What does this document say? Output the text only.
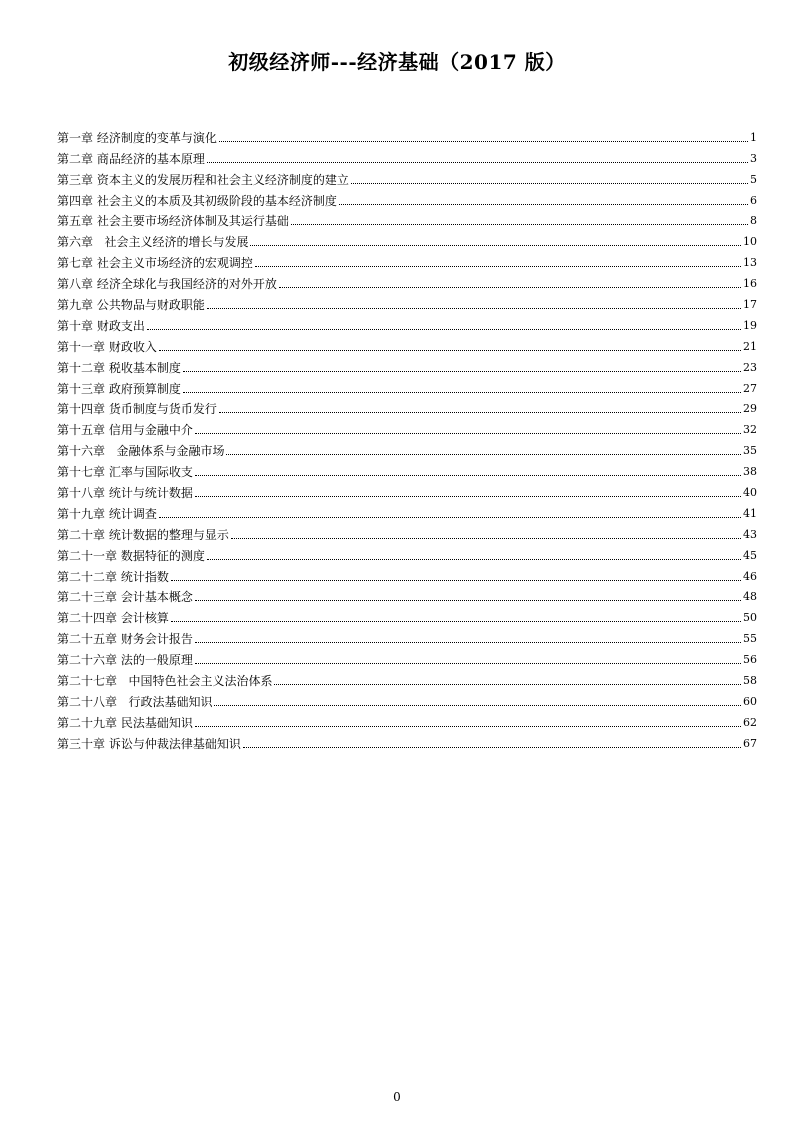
初级经济师---经济基础（2017 版）
第一章 经济制度的变革与演化	1
第二章 商品经济的基本原理	3
第三章 资本主义的发展历程和社会主义经济制度的建立	5
第四章 社会主义的本质及其初级阶段的基本经济制度	6
第五章 社会主要市场经济体制及其运行基础	8
第六章   社会主义经济的增长与发展	10
第七章 社会主义市场经济的宏观调控	13
第八章 经济全球化与我国经济的对外开放	16
第九章 公共物品与财政职能	17
第十章 财政支出	19
第十一章 财政收入	21
第十二章 税收基本制度	23
第十三章 政府预算制度	27
第十四章 货币制度与货币发行	29
第十五章 信用与金融中介	32
第十六章   金融体系与金融市场	35
第十七章 汇率与国际收支	38
第十八章 统计与统计数据	40
第十九章 统计调查	41
第二十章 统计数据的整理与显示	43
第二十一章 数据特征的测度	45
第二十二章 统计指数	46
第二十三章 会计基本概念	48
第二十四章 会计核算	50
第二十五章 财务会计报告	55
第二十六章 法的一般原理	56
第二十七章   中国特色社会主义法治体系	58
第二十八章   行政法基础知识	60
第二十九章 民法基础知识	62
第三十章 诉讼与仲裁法律基础知识	67
0
